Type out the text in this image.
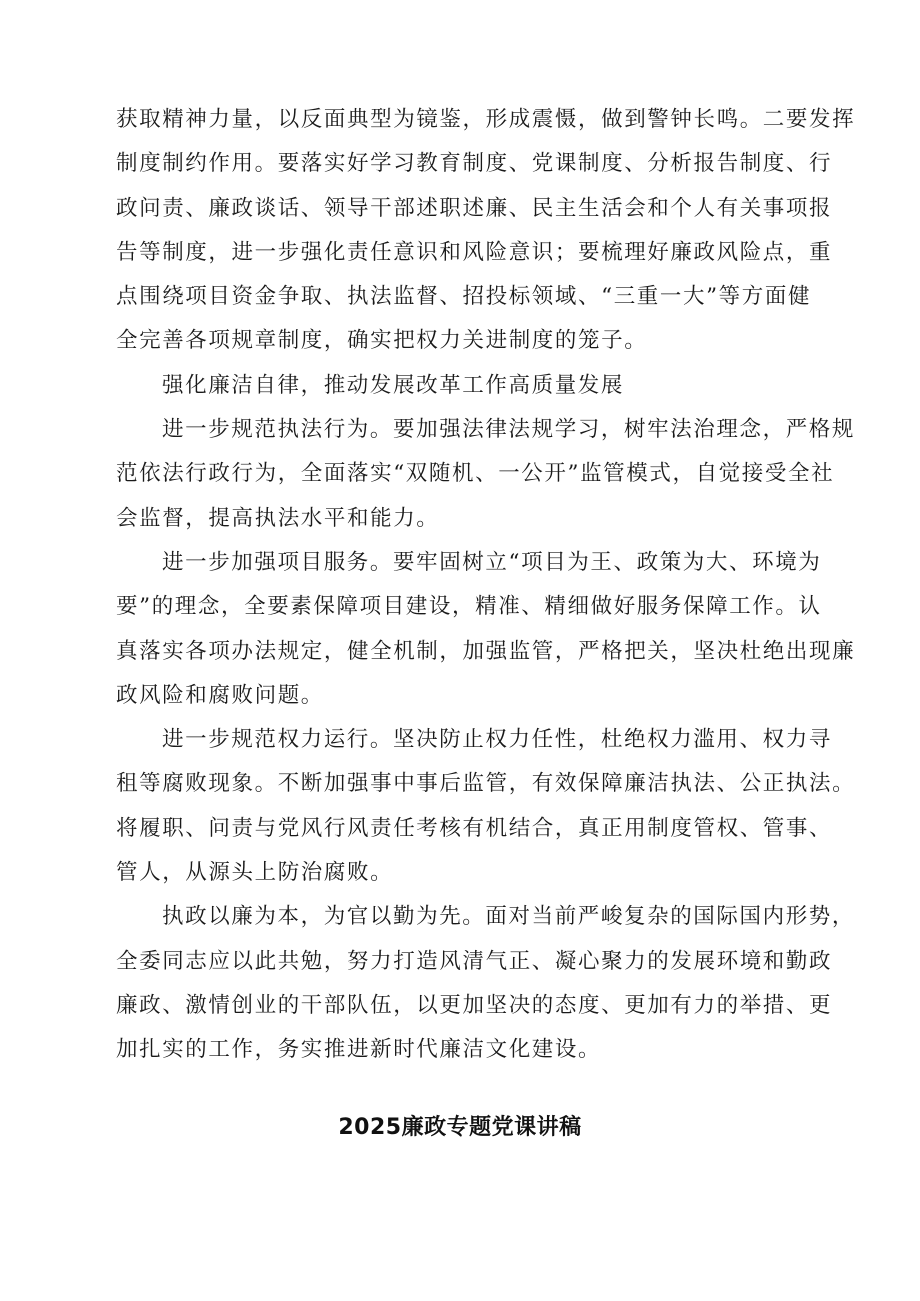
获取精神力量，以反面典型为镜鉴，形成震慑，做到警钟长鸣。二要发挥
制度制约作用。要落实好学习教育制度、党课制度、分析报告制度、行
政问责、廉政谈话、领导干部述职述廉、民主生活会和个人有关事项报
告等制度，进一步强化责任意识和风险意识；要梳理好廉政风险点，重
点围绕项目资金争取、执法监督、招投标领域、“三重一大”等方面健
全完善各项规章制度，确实把权力关进制度的笼子。
强化廉洁自律，推动发展改革工作高质量发展
进一步规范执法行为。要加强法律法规学习，树牢法治理念，严格规
范依法行政行为，全面落实“双随机、一公开”监管模式，自觉接受全社
会监督，提高执法水平和能力。
进一步加强项目服务。要牢固树立“项目为王、政策为大、环境为
要”的理念，全要素保障项目建设，精准、精细做好服务保障工作。认
真落实各项办法规定，健全机制，加强监管，严格把关，坚决杜绝出现廉
政风险和腐败问题。
进一步规范权力运行。坚决防止权力任性，杜绝权力滥用、权力寻
租等腐败现象。不断加强事中事后监管，有效保障廉洁执法、公正执法。
将履职、问责与党风行风责任考核有机结合，真正用制度管权、管事、
管人，从源头上防治腐败。
执政以廉为本，为官以勤为先。面对当前严峻复杂的国际国内形势，
全委同志应以此共勉，努力打造风清气正、凝心聚力的发展环境和勤政
廉政、激情创业的干部队伍，以更加坚决的态度、更加有力的举措、更
加扎实的工作，务实推进新时代廉洁文化建设。
2025廉政专题党课讲稿
